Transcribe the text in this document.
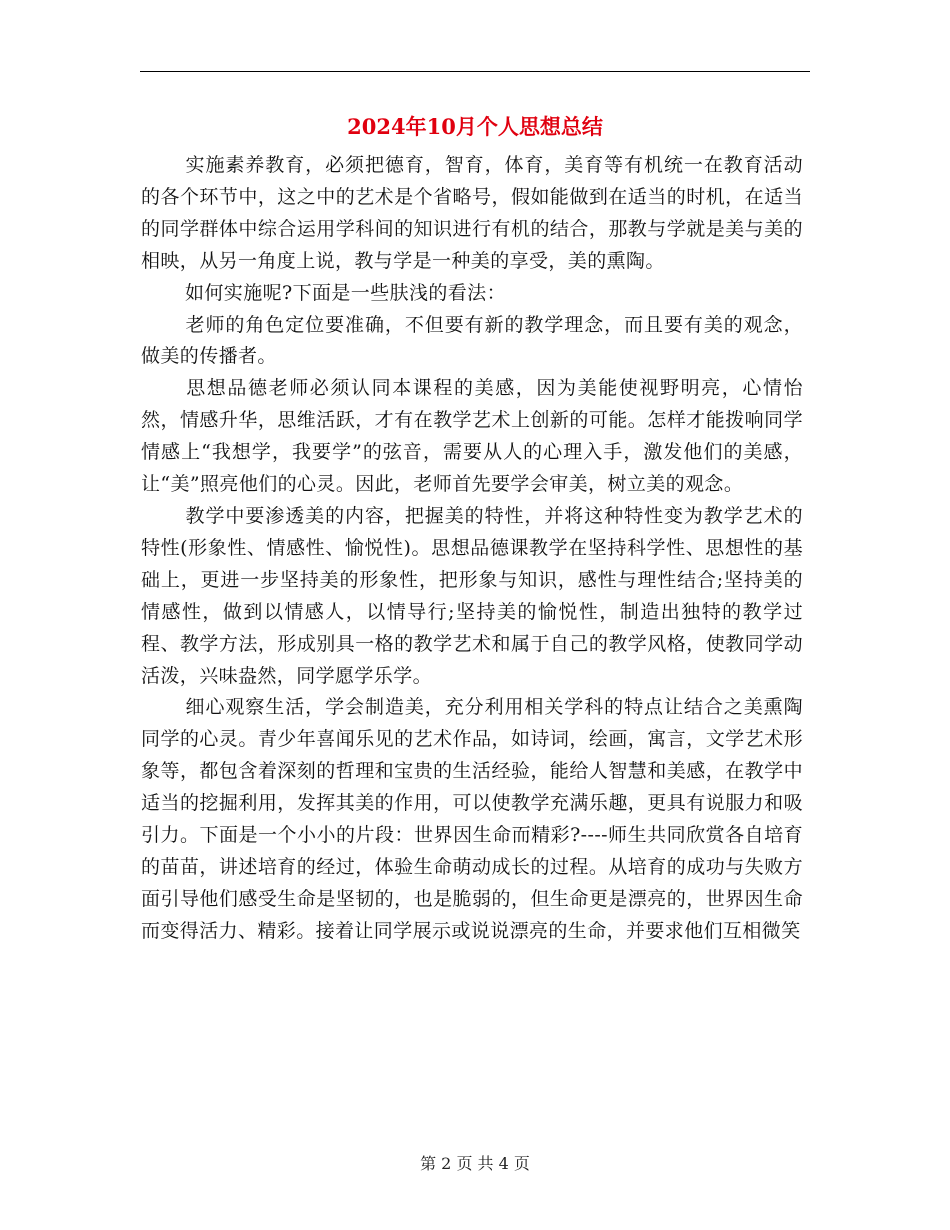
2024年10月个人思想总结

实施素养教育，必须把德育，智育，体育，美育等有机统一在教育活动的各个环节中，这之中的艺术是个省略号，假如能做到在适当的时机，在适当的同学群体中综合运用学科间的知识进行有机的结合，那教与学就是美与美的相映，从另一角度上说，教与学是一种美的享受，美的熏陶。

如何实施呢?下面是一些肤浅的看法：

老师的角色定位要准确，不但要有新的教学理念，而且要有美的观念，做美的传播者。

思想品德老师必须认同本课程的美感，因为美能使视野明亮，心情怡然，情感升华，思维活跃，才有在教学艺术上创新的可能。怎样才能拨响同学情感上“我想学，我要学”的弦音，需要从人的心理入手，激发他们的美感，让“美”照亮他们的心灵。因此，老师首先要学会审美，树立美的观念。

教学中要渗透美的内容，把握美的特性，并将这种特性变为教学艺术的特性(形象性、情感性、愉悦性)。思想品德课教学在坚持科学性、思想性的基础上，更进一步坚持美的形象性，把形象与知识，感性与理性结合;坚持美的情感性，做到以情感人，以情导行;坚持美的愉悦性，制造出独特的教学过程、教学方法，形成别具一格的教学艺术和属于自己的教学风格，使教同学动活泼，兴味盎然，同学愿学乐学。

细心观察生活，学会制造美，充分利用相关学科的特点让结合之美熏陶同学的心灵。青少年喜闻乐见的艺术作品，如诗词，绘画，寓言，文学艺术形象等，都包含着深刻的哲理和宝贵的生活经验，能给人智慧和美感，在教学中适当的挖掘利用，发挥其美的作用，可以使教学充满乐趣，更具有说服力和吸引力。下面是一个小小的片段：世界因生命而精彩?----师生共同欣赏各自培育的苗苗，讲述培育的经过，体验生命萌动成长的过程。从培育的成功与失败方面引导他们感受生命是坚韧的，也是脆弱的，但生命更是漂亮的，世界因生命而变得活力、精彩。接着让同学展示或说说漂亮的生命，并要求他们互相微笑

第 2 页 共 4 页
